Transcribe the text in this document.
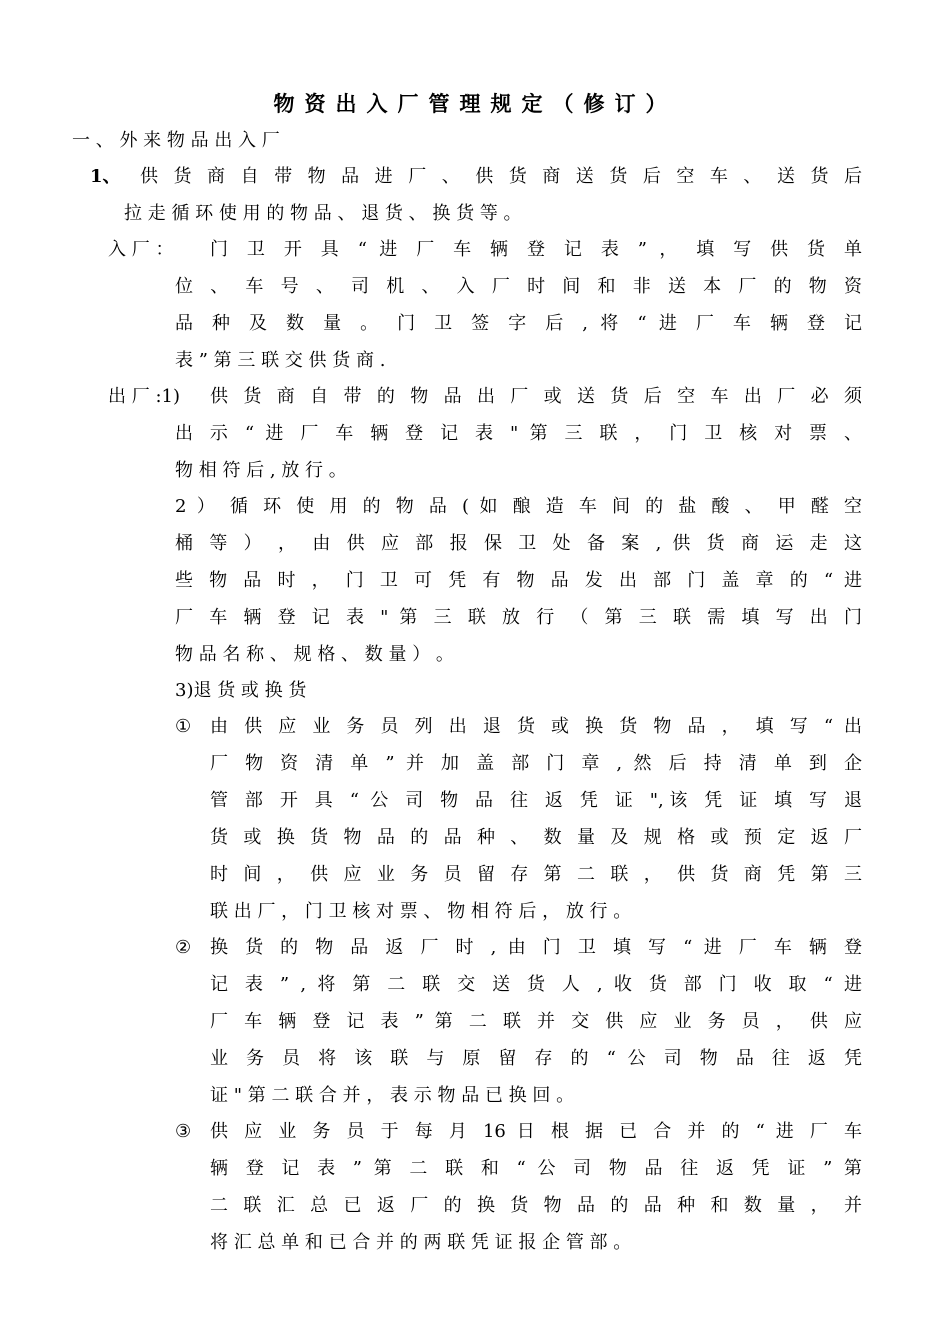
物资出入厂管理规定（修订）
一 、 外 来 物 品 出 入 厂
1、 供 货 商 自 带 物 品 进 厂 、 供 货 商 送 货 后 空 车 、 送 货 后
拉 走 循 环 使 用 的 物 品 、 退 货 、 换 货 等 。
入 厂 ： 门 卫 开 具 “ 进 厂 车 辆 登 记 表 ” ， 填 写 供 货 单
位 、 车 号 、 司 机 、 入 厂 时 间 和 非 送 本 厂 的 物 资
品 种 及 数 量 。 门 卫 签 字 后 , 将 “ 进 厂 车 辆 登 记
表 ” 第 三 联 交 供 货 商 .
出 厂 :1) 供 货 商 自 带 的 物 品 出 厂 或 送 货 后 空 车 出 厂 必 须
出 示 “ 进 厂 车 辆 登 记 表 " 第 三 联 ， 门 卫 核 对 票 、
物 相 符 后 , 放 行 。
2 ） 循 环 使 用 的 物 品 ( 如 酿 造 车 间 的 盐 酸 、 甲 醛 空
桶 等 ） ， 由 供 应 部 报 保 卫 处 备 案 , 供 货 商 运 走 这
些 物 品 时 ， 门 卫 可 凭 有 物 品 发 出 部 门 盖 章 的 “ 进
厂 车 辆 登 记 表 " 第 三 联 放 行 （ 第 三 联 需 填 写 出 门
物 品 名 称 、 规 格 、 数 量 ） 。
3)退 货 或 换 货
① 由 供 应 业 务 员 列 出 退 货 或 换 货 物 品 ， 填 写 “ 出
厂 物 资 清 单 ” 并 加 盖 部 门 章 , 然 后 持 清 单 到 企
管 部 开 具 “ 公 司 物 品 往 返 凭 证 ",该 凭 证 填 写 退
货 或 换 货 物 品 的 品 种 、 数 量 及 规 格 或 预 定 返 厂
时 间 ， 供 应 业 务 员 留 存 第 二 联 ， 供 货 商 凭 第 三
联 出 厂 ， 门 卫 核 对 票 、 物 相 符 后 ， 放 行 。
② 换 货 的 物 品 返 厂 时 , 由 门 卫 填 写 “ 进 厂 车 辆 登
记 表 ” , 将 第 二 联 交 送 货 人 , 收 货 部 门 收 取 “ 进
厂 车 辆 登 记 表 ” 第 二 联 并 交 供 应 业 务 员 ， 供 应
业 务 员 将 该 联 与 原 留 存 的 “ 公 司 物 品 往 返 凭
证 " 第 二 联 合 并 ， 表 示 物 品 已 换 回 。
③ 供 应 业 务 员 于 每 月 16 日 根 据 已 合 并 的 “ 进 厂 车
辆 登 记 表 ” 第 二 联 和 “ 公 司 物 品 往 返 凭 证 ” 第
二 联 汇 总 已 返 厂 的 换 货 物 品 的 品 种 和 数 量 ， 并
将 汇 总 单 和 已 合 并 的 两 联 凭 证 报 企 管 部 。
